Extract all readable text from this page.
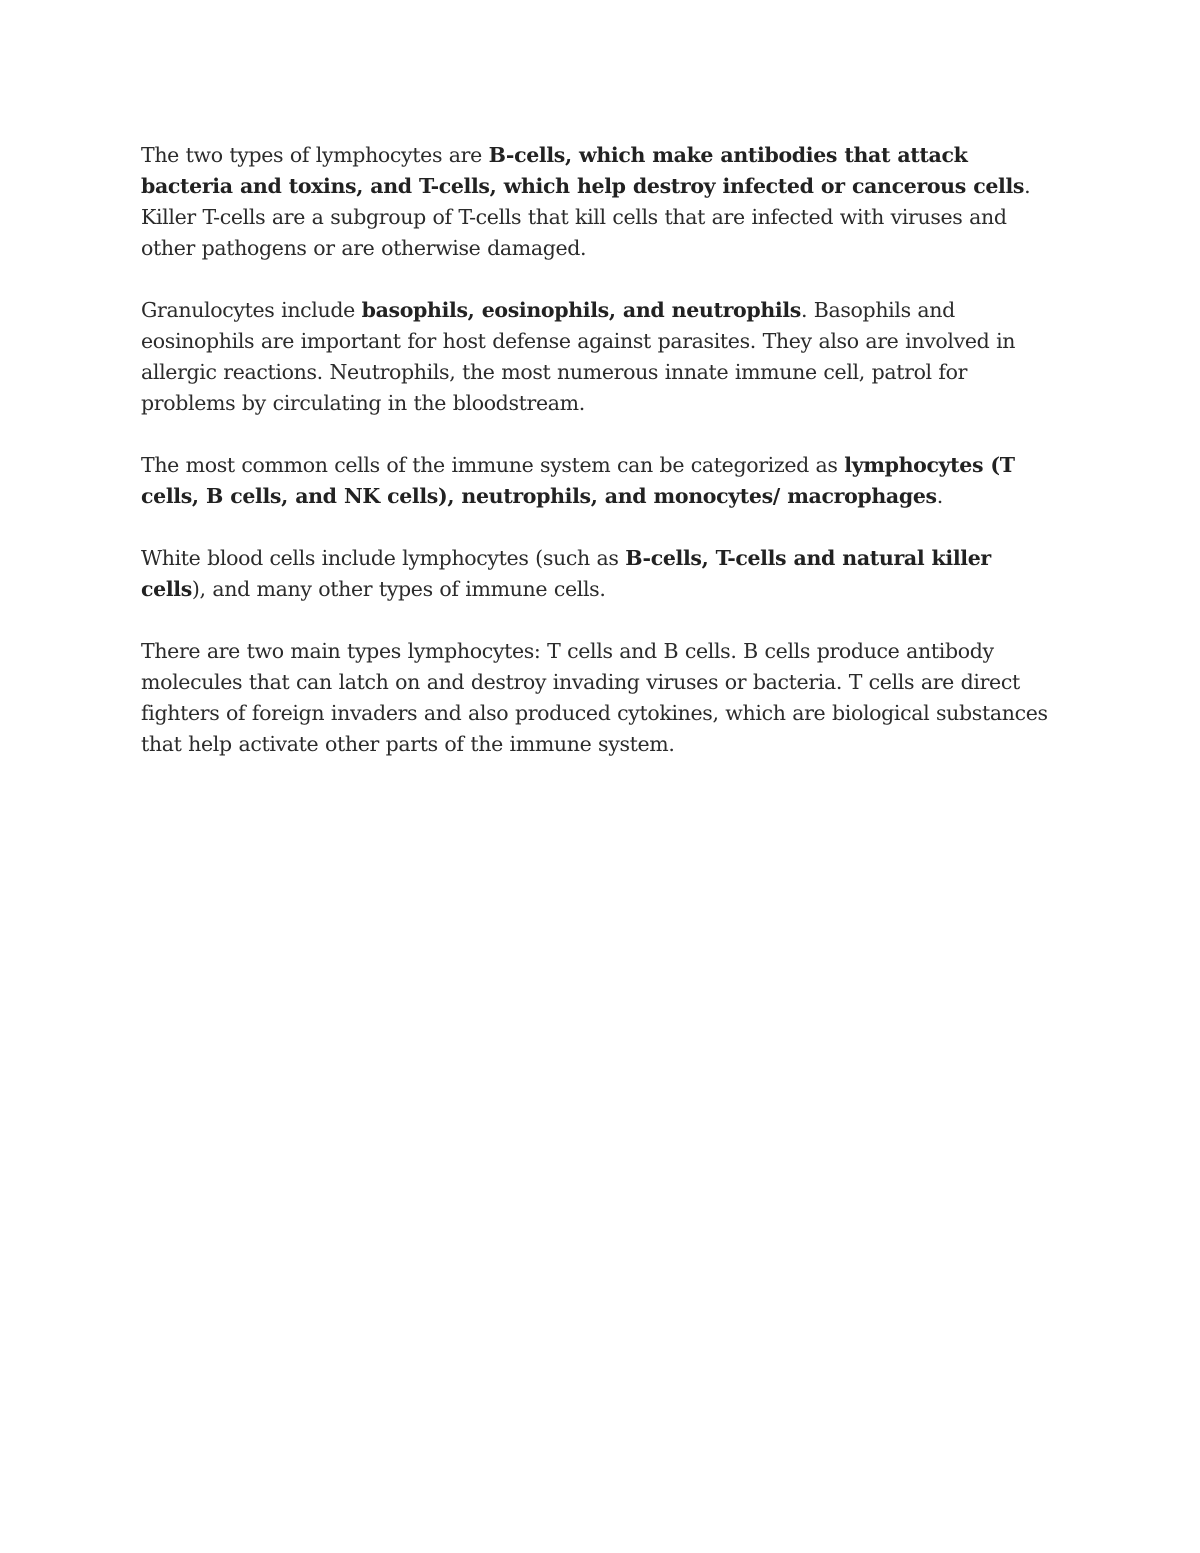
The two types of lymphocytes are B-cells, which make antibodies that attack bacteria and toxins, and T-cells, which help destroy infected or cancerous cells. Killer T-cells are a subgroup of T-cells that kill cells that are infected with viruses and other pathogens or are otherwise damaged.

Granulocytes include basophils, eosinophils, and neutrophils. Basophils and eosinophils are important for host defense against parasites. They also are involved in allergic reactions. Neutrophils, the most numerous innate immune cell, patrol for problems by circulating in the bloodstream.

The most common cells of the immune system can be categorized as lymphocytes (T cells, B cells, and NK cells), neutrophils, and monocytes/ macrophages.

White blood cells include lymphocytes (such as B-cells, T-cells and natural killer cells), and many other types of immune cells.

There are two main types lymphocytes: T cells and B cells. B cells produce antibody molecules that can latch on and destroy invading viruses or bacteria. T cells are direct fighters of foreign invaders and also produced cytokines, which are biological substances that help activate other parts of the immune system.
